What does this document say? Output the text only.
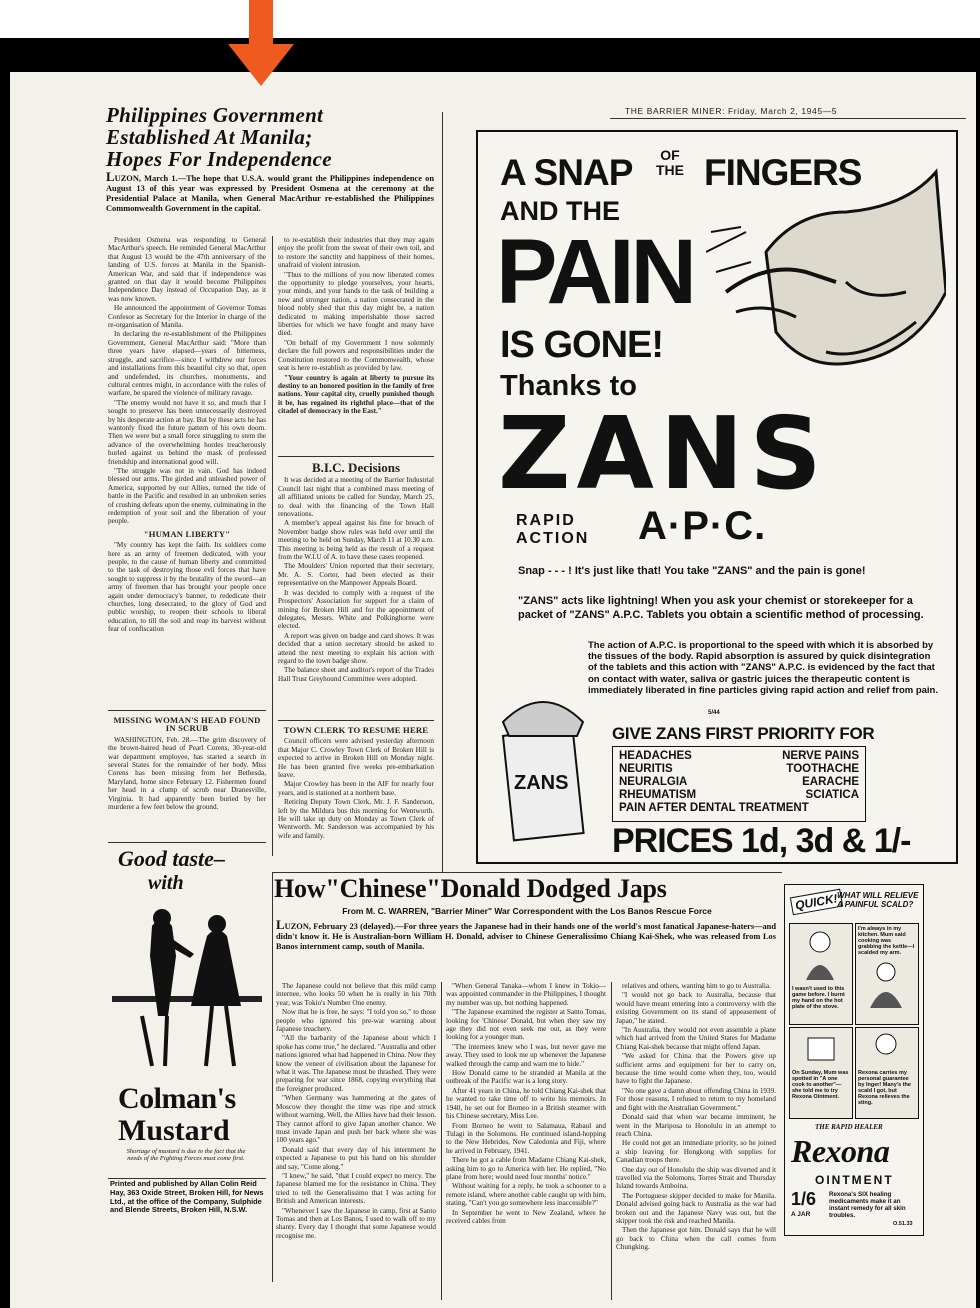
THE BARRIER MINER: Friday, March 2, 1945—5
Philippines Government
Established At Manila;
Hopes For Independence
LUZON, March 1.—The hope that U.S.A. would grant the Philippines independence on August 13 of this year was expressed by President Osmena at the ceremony at the Presidential Palace at Manila, when General MacArthur re-established the Philippines Commonwealth Government in the capital.

President Osmena was responding to General MacArthur's speech. He reminded General MacArthur that August 13 would be the 47th anniversary of the landing of U.S. forces at Manila in the Spanish-American War, and said that if independence was granted on that day it would become Philippines Independence Day instead of Occupation Day, as it was now known.

He announced the appointment of Governor Tomas Confesor as Secretary for the Interior in charge of the re-organisation of Manila.

In declaring the re-establishment of the Philippines Government, General MacArthur said: "More than three years have elapsed—years of bitterness, struggle, and sacrifice—since I withdrew our forces and installations from this beautiful city so that, open and undefended, its churches, monuments, and cultural centres might, in accordance with the rules of warfare, be spared the violence of military ravage.

"The enemy would not have it so, and much that I sought to preserve has been unnecessarily destroyed by his desperate action at bay. But by these acts he has wantonly fixed the future pattern of his own doom. Then we were but a small force struggling to stem the advance of the overwhelming hordes treacherously hurled against us behind the mask of professed friendship and international good will.

"The struggle was not in vain. God has indeed blessed our arms. The girded and unleashed power of America, supported by our Allies, turned the tide of battle in the Pacific and resulted in an unbroken series of crushing defeats upon the enemy, culminating in the redemption of your soil and the liberation of your people.

"HUMAN LIBERTY"

"My country has kept the faith. Its soldiers come here as an army of freemen dedicated, with your people, to the cause of human liberty and committed to the task of destroying those evil forces that have sought to suppress it by the brutality of the sword—an army of freemen that has brought your people once again under democracy's banner, to rededicate their churches, long desecrated, to the glory of God and public worship, to reopen their schools to liberal education, to till the soil and reap its harvest without fear of confiscation

to re-establish their industries that they may again enjoy the profit from the sweat of their own toil, and to restore the sanctity and happiness of their homes, unafraid of violent intrusion.

"Thus to the millions of you now liberated comes the opportunity to pledge yourselves, your hearts, your minds, and your hands to the task of building a new and stronger nation, a nation consecrated in the blood nobly shed that this day might be, a nation dedicated to making imperishable those sacred liberties for which we have fought and many have died.

"On behalf of my Government I now solemnly declare the full powers and responsibilities under the Constitution restored to the Commonwealth, whose seat is here re-establish as provided by law.

"Your country is again at liberty to pursue its destiny to an honored position in the family of free nations. Your capital city, cruelly punished though it be, has regained its rightful place—that of the citadel of democracy in the East."

B.I.C. Decisions

It was decided at a meeting of the Barrier Industrial Council last night that a combined mass meeting of all affiliated unions be called for Sunday, March 25, to deal with the financing of the Town Hall renovations.

A member's appeal against his fine for breach of November badge show rules was held over until the meeting to be held on Sunday, March 11 at 10.30 a.m. This meeting is being held as the result of a request from the W.I.U of A. to have these cases reopened.

The Moulders' Union reported that their secretary, Mr. A. S. Corter, had been elected as their representative on the Manpower Appeals Board.

It was decided to comply with a request of the Prospectors' Association for support for a claim of mining for Broken Hill and for the appointment of delegates, Messrs. White and Polkinghorne were elected.

A report was given on badge and card shows. It was decided that a union secretary should be asked to attend the next meeting to explain his action with regard to the town badge show.

The balance sheet and auditor's report of the Trades Hall Trust Greyhound Committee were adopted.

TOWN CLERK TO RESUME HERE

Council officers were advised yesterday afternoon that Major C. Crowley Town Clerk of Broken Hill is expected to arrive in Broken Hill on Monday night. He has been granted five weeks pre-embarkation leave.

Major Crowley has been in the AIF for nearly four years, and is stationed at a northern base.

Retiring Deputy Town Clerk, Mr. J. F. Sanderson, left by the Mildura bus this morning for Wentworth. He will take up duty on Monday as Town Clerk of Wentworth. Mr. Sanderson was accompanied by his wife and family.

MISSING WOMAN'S HEAD FOUND IN SCRUB

WASHINGTON, Feb. 28.—The grim discovery of the brown-haired head of Pearl Corens, 30-year-old war department employee, has started a search in several States for the remainder of her body. Miss Corens has been missing from her Bethesda, Maryland, home since February 12. Fishermen found her head in a clump of scrub near Dranesville, Virginia. It had apparently been buried by her murderer a few feet below the ground.

Good taste–
with
Colman's
Mustard
Shortage of mustard is due to the fact that the needs of the Fighting Forces must come first.
Printed and published by Allan Colin Reid Hay, 363 Oxide Street, Broken Hill, for News Ltd., at the office of the Company, Sulphide and Blende Streets, Broken Hill, N.S.W.
A SNAP	OF
THE FINGERS
AND THE
PAIN
IS GONE!
Thanks to
ZANS
RAPID
ACTION A·P·C.
Snap - - - ! It's just like that! You take "ZANS" and the pain is gone!
"ZANS" acts like lightning! When you ask your chemist or storekeeper for a packet of "ZANS" A.P.C. Tablets you obtain a scientific method of processing.
The action of A.P.C. is proportional to the speed with which it is absorbed by the tissues of the body. Rapid absorption is assured by quick disintegration of the tablets and this action with "ZANS" A.P.C. is evidenced by the fact that on contact with water, saliva or gastric juices the therapeutic content is immediately liberated in fine particles giving rapid action and relief from pain.
5/44
ZANS
GIVE ZANS FIRST PRIORITY FOR
HEADACHES	NERVE PAINS
NEURITIS	TOOTHACHE
NEURALGIA	EARACHE
RHEUMATISM	SCIATICA
PAIN AFTER DENTAL TREATMENT
PRICES 1d, 3d & 1/-
How"Chinese"Donald Dodged Japs
From M. C. WARREN, "Barrier Miner" War Correspondent with the Los Banos Rescue Force
LUZON, February 23 (delayed).—For three years the Japanese had in their hands one of the world's most fanatical Japanese-haters—and didn't know it. He is Australian-born William H. Donald, adviser to Chinese Generalissimo Chiang Kai-Shek, who was released from Los Banos internment camp, south of Manila.

The Japanese could not believe that this mild camp internee, who looks 50 when he is really in his 70th year, was Tokio's Number One enemy.

Now that he is free, he says: "I told you so," to those people who ignored his pre-war warning about Japanese treachery.

"All the barbarity of the Japanese about which I spoke has come true," he declared. "Australia and other nations ignored what had happened in China. Now they know the veneer of civilisation about the Japanese for what it was. The Japanese must be thrashed. They were preparing for war since 1868, copying everything that the foreigner produced.

"When Germany was hammering at the gates of Moscow they thought the time was ripe and struck without warning. Well, the Allies have had their lesson. They cannot afford to give Japan another chance. We must invade Japan and push her back where she was 100 years ago."

Donald said that every day of his internment he expected a Japanese to put his hand on his shoulder and say, "Come along."

"I knew," he said, "that I could expect no mercy. The Japanese blamed me for the resistance in China. They tried to tell the Generalissimo that I was acting for British and American interests.

"Whenever I saw the Japanese in camp, first at Santo Tomas and then at Los Banos, I used to walk off to my shanty. Every day I thought that some Japanese would recognise me.

"When General Tanaka—whom I knew in Tokio—was appointed commander in the Philippines, I thought my number was up, but nothing happened.

"The Japanese examined the register at Santo Tomas, looking for 'Chinese' Donald, but when they saw my age they did not even seek me out, as they were looking for a younger man.

"The internees knew who I was, but never gave me away. They used to look me up whenever the Japanese walked through the camp and warn me to hide."

How Donald came to be stranded at Manila at the outbreak of the Pacific war is a long story.

After 41 years in China, he told Chiang Kai-shek that he wanted to take time off to write his memoirs. In 1940, he set out for Borneo in a British steamer with his Chinese secretary, Miss Lee.

From Borneo he went to Salamaua, Rabaul and Tulagi in the Solomons. He continued island-hopping to the New Hebrides, New Caledonia and Fiji, where he arrived in February, 1941.

There he got a cable from Madame Chiang Kai-shek, asking him to go to America with her. He replied, "No plane from here; would need four months' notice."

Without waiting for a reply, he took a schooner to a remote island, where another cable caught up with him, stating, "Can't you go somewhere less inaccessible?"

In September he went to New Zealand, where he received cables from

relatives and others, wanting him to go to Australia.

"I would not go back to Australia, because that would have meant entering into a controversy with the existing Government on its stand of appeasement of Japan," he stated.

"In Australia, they would not even assemble a plane which had arrived from the United States for Madame Chiang Kai-shek because that might offend Japan.

"We asked for China that the Powers give up sufficient arms and equipment for her to carry on, because the time would come when they, too, would have to fight the Japanese.

"No one gave a damn about offending China in 1939. For those reasons, I refused to return to my homeland and fight with the Australian Government."

Donald said that when war became imminent, he went in the Mariposa to Honolulu in an attempt to reach China.

He could not get an immediate priority, so he joined a ship leaving for Hongkong with supplies for Canadian troops there.

One day out of Honolulu the ship was diverted and it travelled via the Solomons, Torres Strait and Thursday Island towards Amboina.

The Portuguese skipper decided to make for Manila. Donald advised going back to Australia as the war had broken out and the Japanese Navy was out, but the skipper took the risk and reached Manila.

Then the Japanese got him. Donald says that he will go back to China when the call comes from Chungking.

QUICK!
WHAT WILL RELIEVE A PAINFUL SCALD?
I wasn't used to this game before. I burnt my hand on the hot plate of the stove.
I'm always in my kitchen. Mum said cooking was grabbing the kettle—I scalded my arm.
On Sunday, Mum was spotted in "A one cook to another"—she told me to try Rexona Ointment.
Rexona carries my personal guarantee by Inger! Many's the scald I got, but Rexona relieves the sting.
THE RAPID HEALER
Rexona
OINTMENT
1/6
A JAR
Rexona's SIX healing medicaments make it an instant remedy for all skin troubles.
O.51.33
